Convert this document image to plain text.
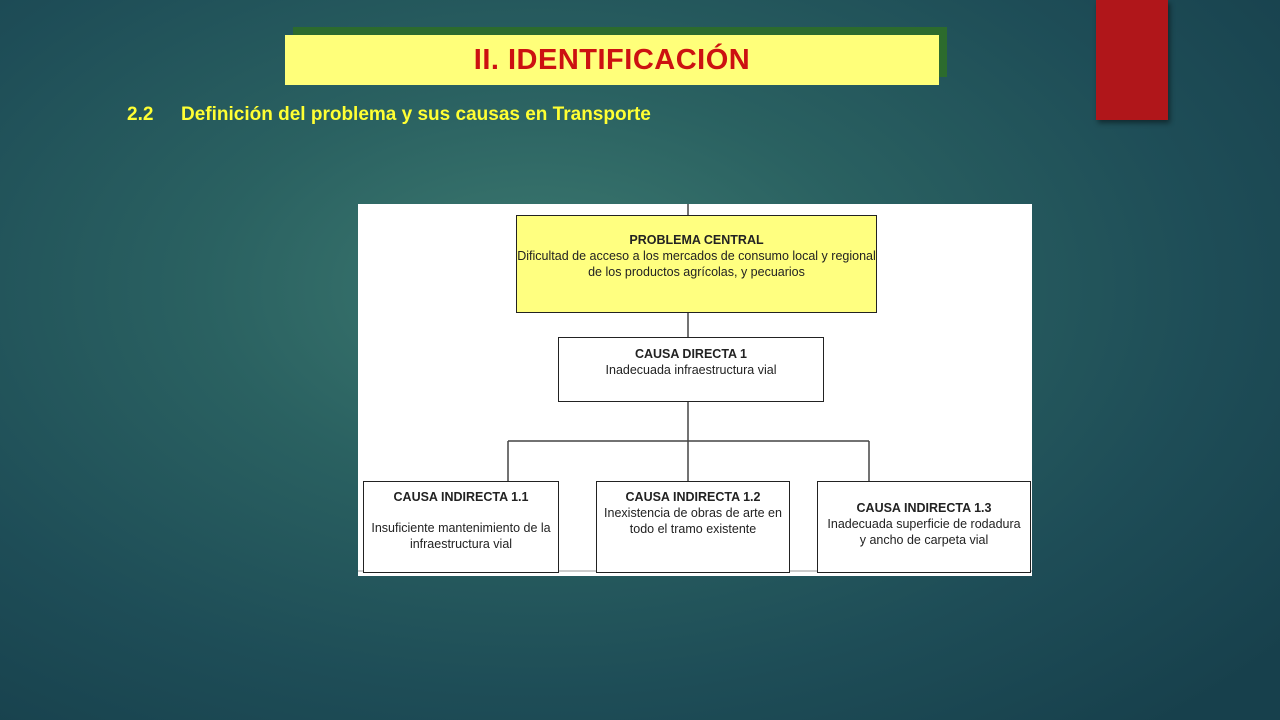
II. IDENTIFICACIÓN
2.2 Definición del problema y sus causas en Transporte
PROBLEMA CENTRAL
Dificultad de acceso a los mercados de consumo local y regional de los productos agrícolas, y pecuarios
CAUSA DIRECTA 1
Inadecuada infraestructura vial
CAUSA INDIRECTA 1.1
Insuficiente mantenimiento de la infraestructura vial
CAUSA INDIRECTA 1.2
Inexistencia de obras de arte en todo el tramo existente
CAUSA INDIRECTA 1.3
Inadecuada superficie de rodadura y ancho de carpeta vial
